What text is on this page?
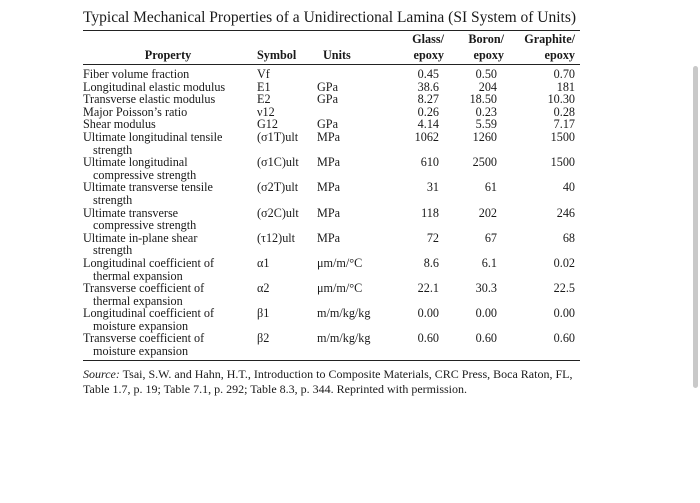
Typical Mechanical Properties of a Unidirectional Lamina (SI System of Units)
			Glass/	Boron/	Graphite/
Property	Symbol	Units	epoxy	epoxy	epoxy

Fiber volume fraction	Vf		0.45	0.50	0.70
Longitudinal elastic modulus	E1	GPa	38.6	204	181
Transverse elastic modulus	E2	GPa	8.27	18.50	10.30
Major Poisson’s ratio	ν12		0.26	0.23	0.28
Shear modulus	G12	GPa	4.14	5.59	7.17
Ultimate longitudinal tensile
strength	(σ1T)ult	MPa	1062	1260	1500
Ultimate longitudinal
compressive strength	(σ1C)ult	MPa	610	2500	1500
Ultimate transverse tensile
strength	(σ2T)ult	MPa	31	61	40
Ultimate transverse
compressive strength	(σ2C)ult	MPa	118	202	246
Ultimate in-plane shear
strength	(τ12)ult	MPa	72	67	68
Longitudinal coefficient of
thermal expansion	α1	μm/m/°C	8.6	6.1	0.02
Transverse coefficient of
thermal expansion	α2	μm/m/°C	22.1	30.3	22.5
Longitudinal coefficient of
moisture expansion	β1	m/m/kg/kg	0.00	0.00	0.00
Transverse coefficient of
moisture expansion	β2	m/m/kg/kg	0.60	0.60	0.60

Source: Tsai, S.W. and Hahn, H.T., Introduction to Composite Materials, CRC Press, Boca Raton, FL, Table 1.7, p. 19; Table 7.1, p. 292; Table 8.3, p. 344. Reprinted with permission.
